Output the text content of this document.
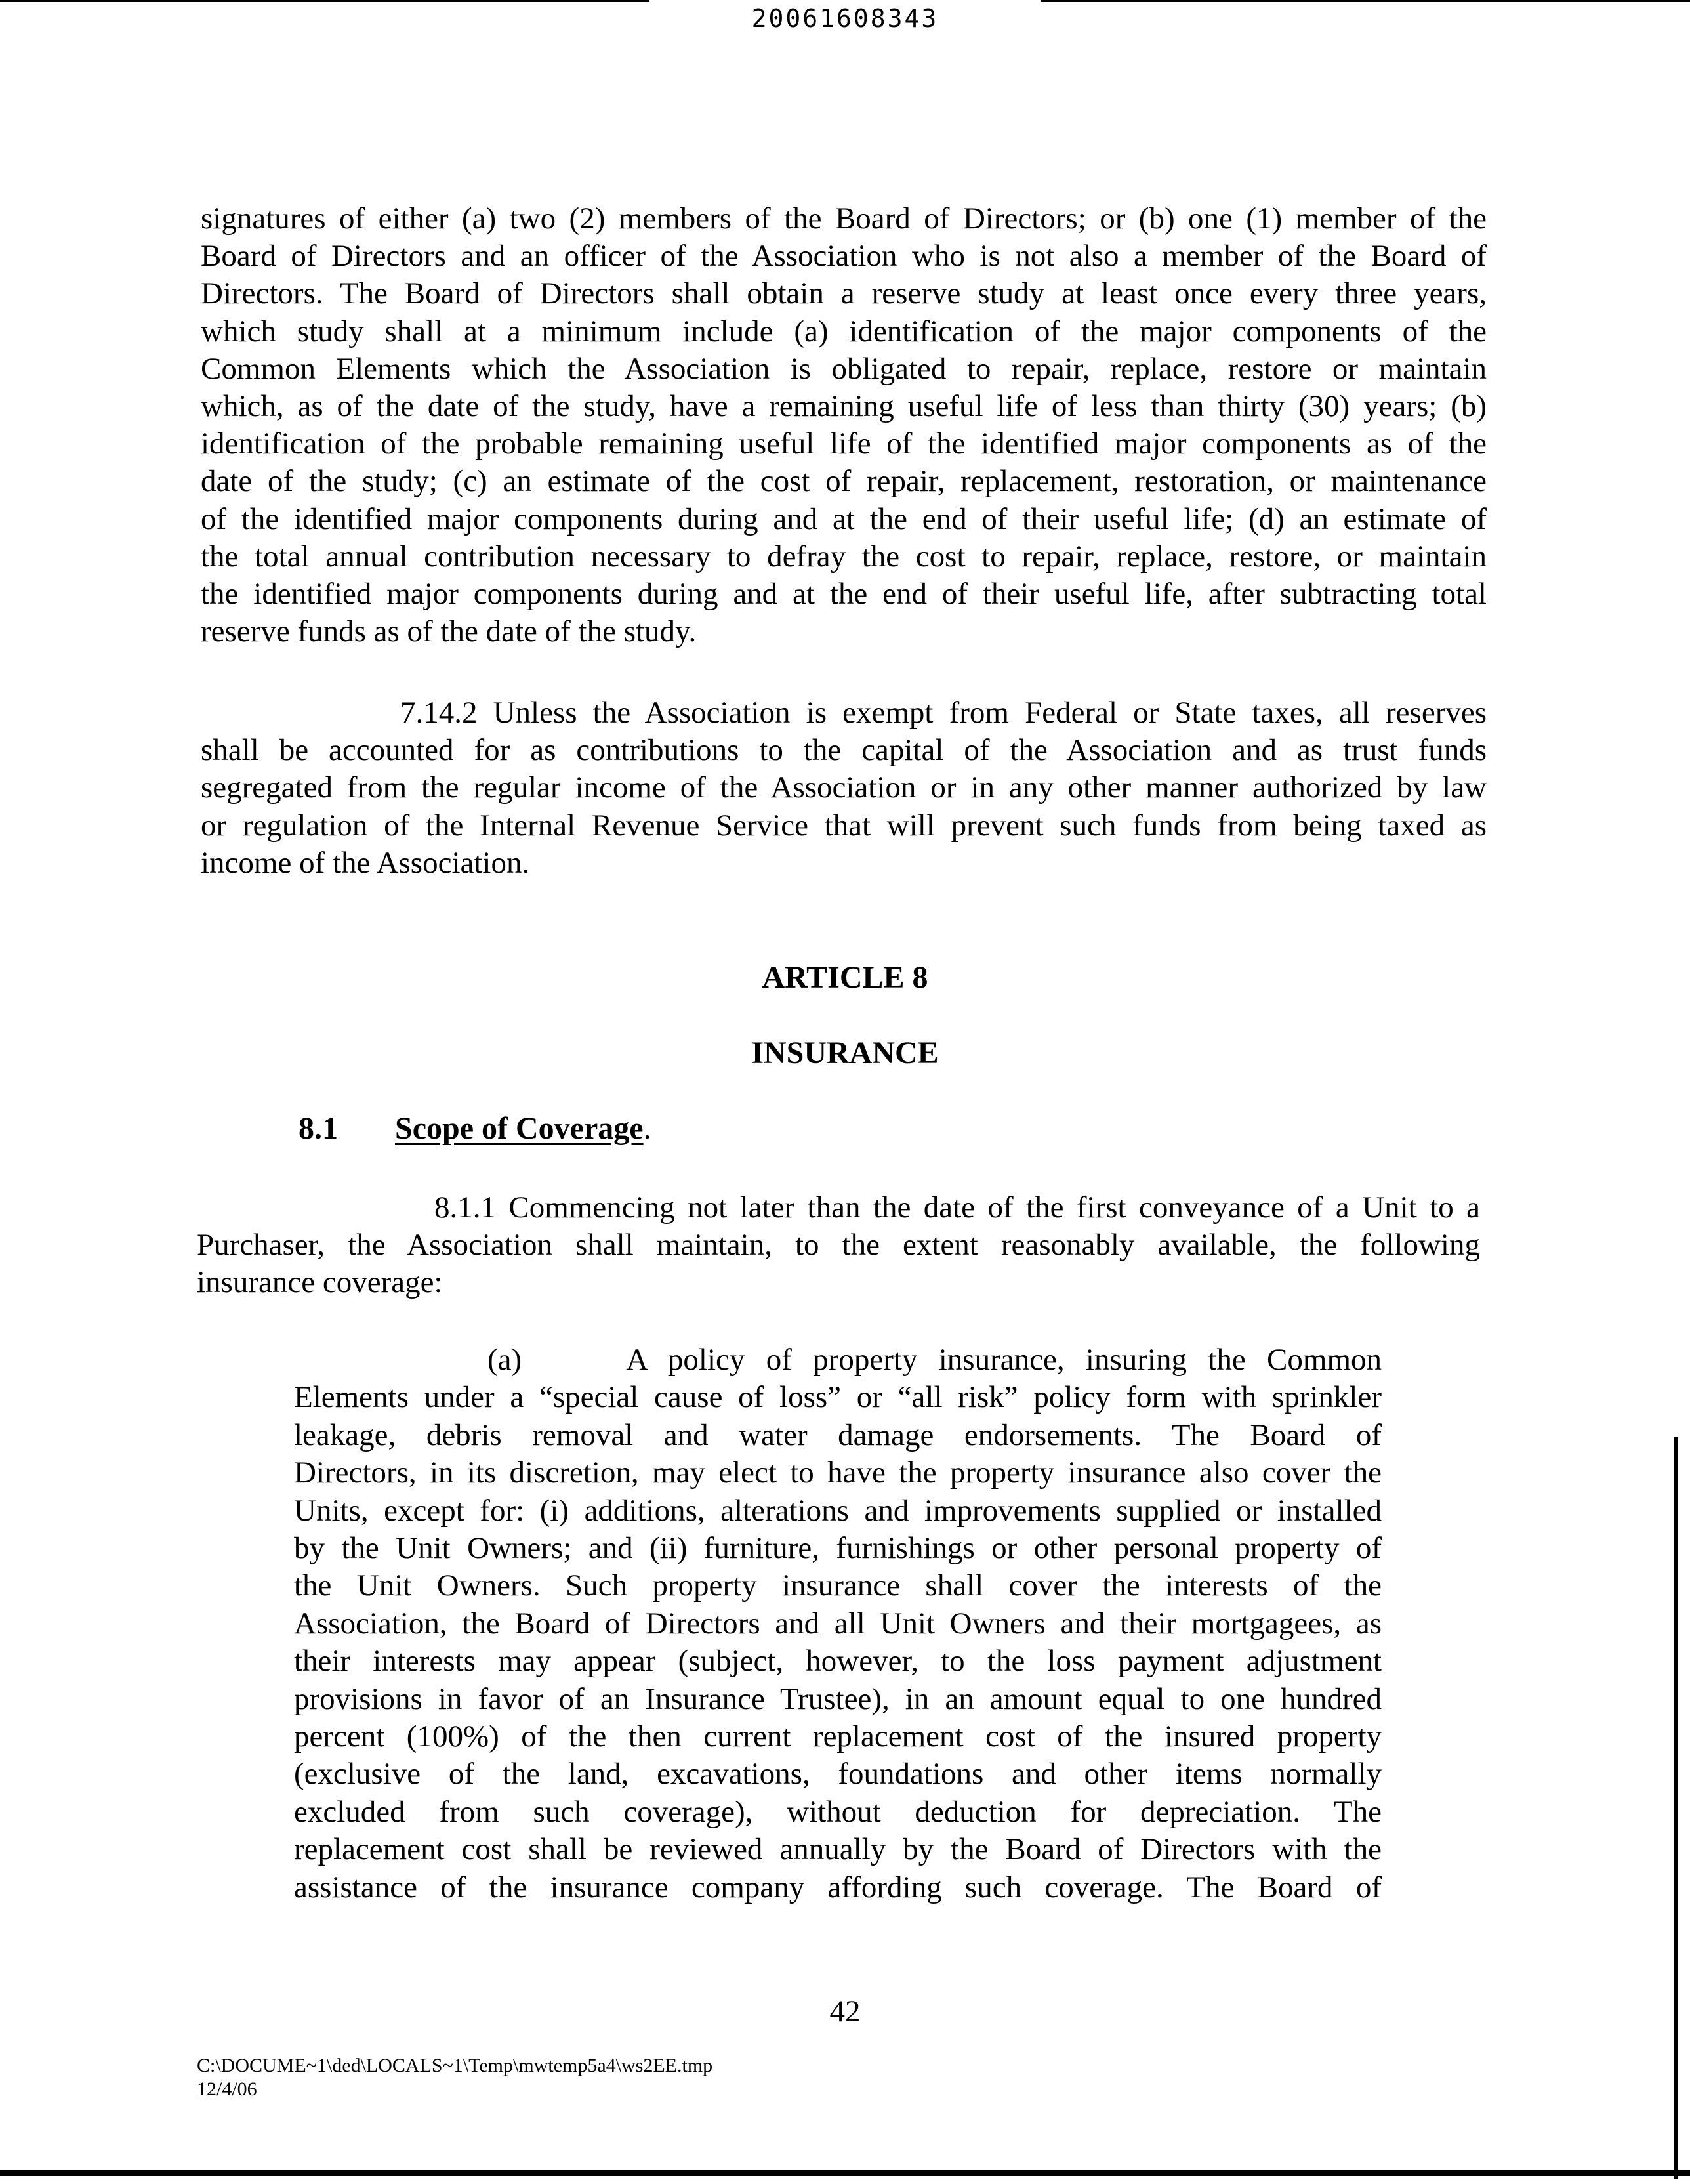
20061608343
signatures of either (a) two (2) members of the Board of Directors; or (b) one (1) member of the
Board of Directors and an officer of the Association who is not also a member of the Board of
Directors. The Board of Directors shall obtain a reserve study at least once every three years,
which study shall at a minimum include (a) identification of the major components of the
Common Elements which the Association is obligated to repair, replace, restore or maintain
which, as of the date of the study, have a remaining useful life of less than thirty (30) years; (b)
identification of the probable remaining useful life of the identified major components as of the
date of the study; (c) an estimate of the cost of repair, replacement, restoration, or maintenance
of the identified major components during and at the end of their useful life; (d) an estimate of
the total annual contribution necessary to defray the cost to repair, replace, restore, or maintain
the identified major components during and at the end of their useful life, after subtracting total
reserve funds as of the date of the study.
7.14.2 Unless the Association is exempt from Federal or State taxes, all reserves
shall be accounted for as contributions to the capital of the Association and as trust funds
segregated from the regular income of the Association or in any other manner authorized by law
or regulation of the Internal Revenue Service that will prevent such funds from being taxed as
income of the Association.
ARTICLE 8
INSURANCE
8.1 Scope of Coverage.
8.1.1 Commencing not later than the date of the first conveyance of a Unit to a
Purchaser, the Association shall maintain, to the extent reasonably available, the following
insurance coverage:
(a)     A policy of property insurance, insuring the Common
Elements under a “special cause of loss” or “all risk” policy form with sprinkler
leakage, debris removal and water damage endorsements. The Board of
Directors, in its discretion, may elect to have the property insurance also cover the
Units, except for: (i) additions, alterations and improvements supplied or installed
by the Unit Owners; and (ii) furniture, furnishings or other personal property of
the Unit Owners. Such property insurance shall cover the interests of the
Association, the Board of Directors and all Unit Owners and their mortgagees, as
their interests may appear (subject, however, to the loss payment adjustment
provisions in favor of an Insurance Trustee), in an amount equal to one hundred
percent (100%) of the then current replacement cost of the insured property
(exclusive of the land, excavations, foundations and other items normally
excluded from such coverage), without deduction for depreciation. The
replacement cost shall be reviewed annually by the Board of Directors with the
assistance of the insurance company affording such coverage. The Board of
42
C:\DOCUME~1\ded\LOCALS~1\Temp\mwtemp5a4\ws2EE.tmp
12/4/06
